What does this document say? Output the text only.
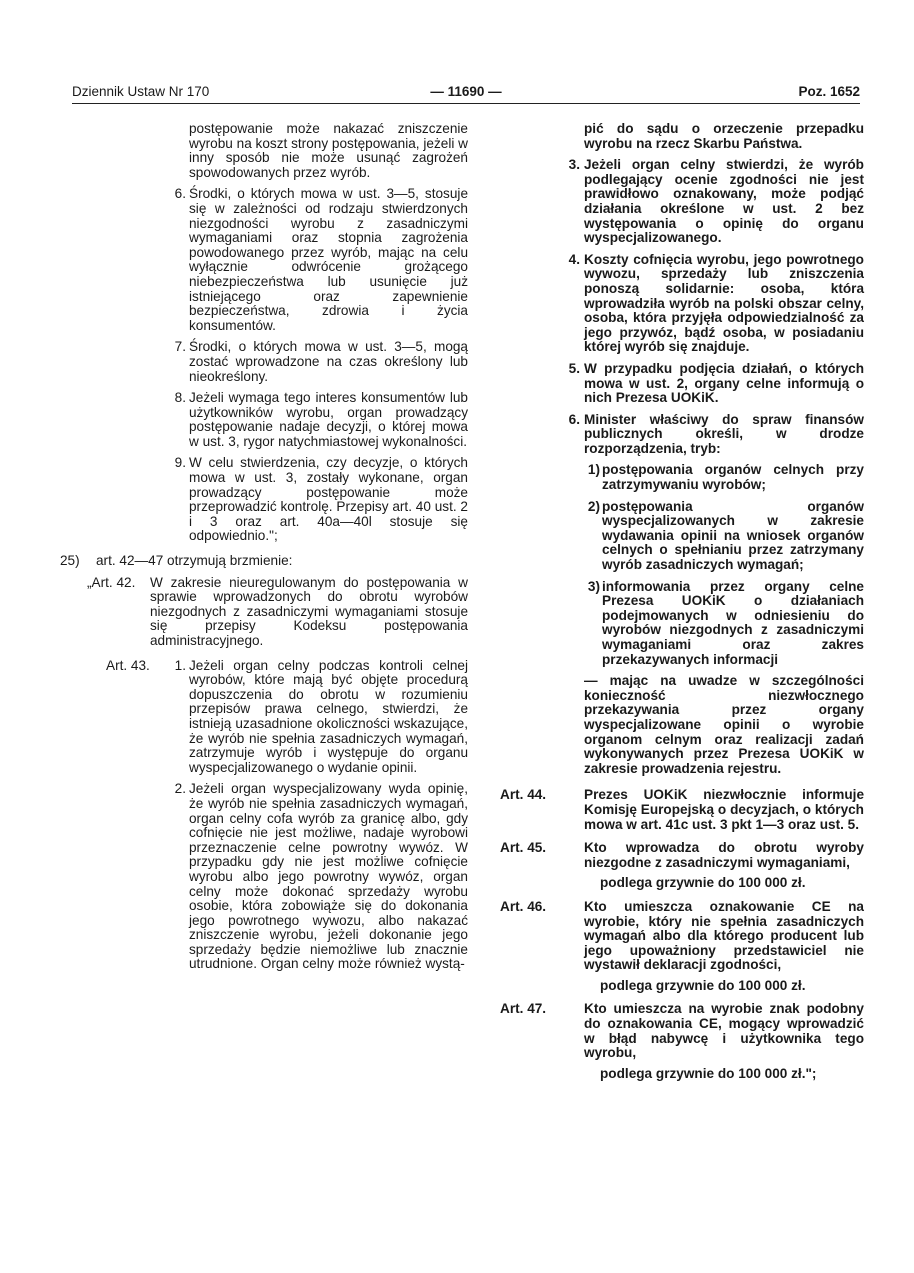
Dziennik Ustaw Nr 170	— 11690 —	Poz. 1652
postępowanie może nakazać zniszczenie wyrobu na koszt strony postępowania, jeżeli w inny sposób nie może usunąć zagrożeń spowodowanych przez wyrób.
6. Środki, o których mowa w ust. 3—5, stosuje się w zależności od rodzaju stwierdzonych niezgodności wyrobu z zasadniczymi wymaganiami oraz stopnia zagrożenia powodowanego przez wyrób, mając na celu wyłącznie odwrócenie grożącego niebezpieczeństwa lub usunięcie już istniejącego oraz zapewnienie bezpieczeństwa, zdrowia i życia konsumentów.
7. Środki, o których mowa w ust. 3—5, mogą zostać wprowadzone na czas określony lub nieokreślony.
8. Jeżeli wymaga tego interes konsumentów lub użytkowników wyrobu, organ prowadzący postępowanie nadaje decyzji, o której mowa w ust. 3, rygor natychmiastowej wykonalności.
9. W celu stwierdzenia, czy decyzje, o których mowa w ust. 3, zostały wykonane, organ prowadzący postępowanie może przeprowadzić kontrolę. Przepisy art. 40 ust. 2 i 3 oraz art. 40a—40l stosuje się odpowiednio.";
25)	art. 42—47 otrzymują brzmienie:
„Art. 42.	W zakresie nieuregulowanym do postępowania w sprawie wprowadzonych do obrotu wyrobów niezgodnych z zasadniczymi wymaganiami stosuje się przepisy Kodeksu postępowania administracyjnego.
Art. 43.	1. Jeżeli organ celny podczas kontroli celnej wyrobów, które mają być objęte procedurą dopuszczenia do obrotu w rozumieniu przepisów prawa celnego, stwierdzi, że istnieją uzasadnione okoliczności wskazujące, że wyrób nie spełnia zasadniczych wymagań, zatrzymuje wyrób i występuje do organu wyspecjalizowanego o wydanie opinii.
2. Jeżeli organ wyspecjalizowany wyda opinię, że wyrób nie spełnia zasadniczych wymagań, organ celny cofa wyrób za granicę albo, gdy cofnięcie nie jest możliwe, nadaje wyrobowi przeznaczenie celne powrotny wywóz. W przypadku gdy nie jest możliwe cofnięcie wyrobu albo jego powrotny wywóz, organ celny może dokonać sprzedaży wyrobu osobie, która zobowiąże się do dokonania jego powrotnego wywozu, albo nakazać zniszczenie wyrobu, jeżeli dokonanie jego sprzedaży będzie niemożliwe lub znacznie utrudnione. Organ celny może również wystą-
pić do sądu o orzeczenie przepadku wyrobu na rzecz Skarbu Państwa.
3. Jeżeli organ celny stwierdzi, że wyrób podlegający ocenie zgodności nie jest prawidłowo oznakowany, może podjąć działania określone w ust. 2 bez występowania o opinię do organu wyspecjalizowanego.
4. Koszty cofnięcia wyrobu, jego powrotnego wywozu, sprzedaży lub zniszczenia ponoszą solidarnie: osoba, która wprowadziła wyrób na polski obszar celny, osoba, która przyjęła odpowiedzialność za jego przywóz, bądź osoba, w posiadaniu której wyrób się znajduje.
5. W przypadku podjęcia działań, o których mowa w ust. 2, organy celne informują o nich Prezesa UOKiK.
6. Minister właściwy do spraw finansów publicznych określi, w drodze rozporządzenia, tryb:
1) postępowania organów celnych przy zatrzymywaniu wyrobów;
2) postępowania organów wyspecjalizowanych w zakresie wydawania opinii na wniosek organów celnych o spełnianiu przez zatrzymany wyrób zasadniczych wymagań;
3) informowania przez organy celne Prezesa UOKiK o działaniach podejmowanych w odniesieniu do wyrobów niezgodnych z zasadniczymi wymaganiami oraz zakres przekazywanych informacji
— mając na uwadze w szczególności konieczność niezwłocznego przekazywania przez organy wyspecjalizowane opinii o wyrobie organom celnym oraz realizacji zadań wykonywanych przez Prezesa UOKiK w zakresie prowadzenia rejestru.
Art. 44.	Prezes UOKiK niezwłocznie informuje Komisję Europejską o decyzjach, o których mowa w art. 41c ust. 3 pkt 1—3 oraz ust. 5.
Art. 45.	Kto wprowadza do obrotu wyroby niezgodne z zasadniczymi wymaganiami,
podlega grzywnie do 100 000 zł.
Art. 46.	Kto umieszcza oznakowanie CE na wyrobie, który nie spełnia zasadniczych wymagań albo dla którego producent lub jego upoważniony przedstawiciel nie wystawił deklaracji zgodności,
podlega grzywnie do 100 000 zł.
Art. 47.	Kto umieszcza na wyrobie znak podobny do oznakowania CE, mogący wprowadzić w błąd nabywcę i użytkownika tego wyrobu,
podlega grzywnie do 100 000 zł.";
